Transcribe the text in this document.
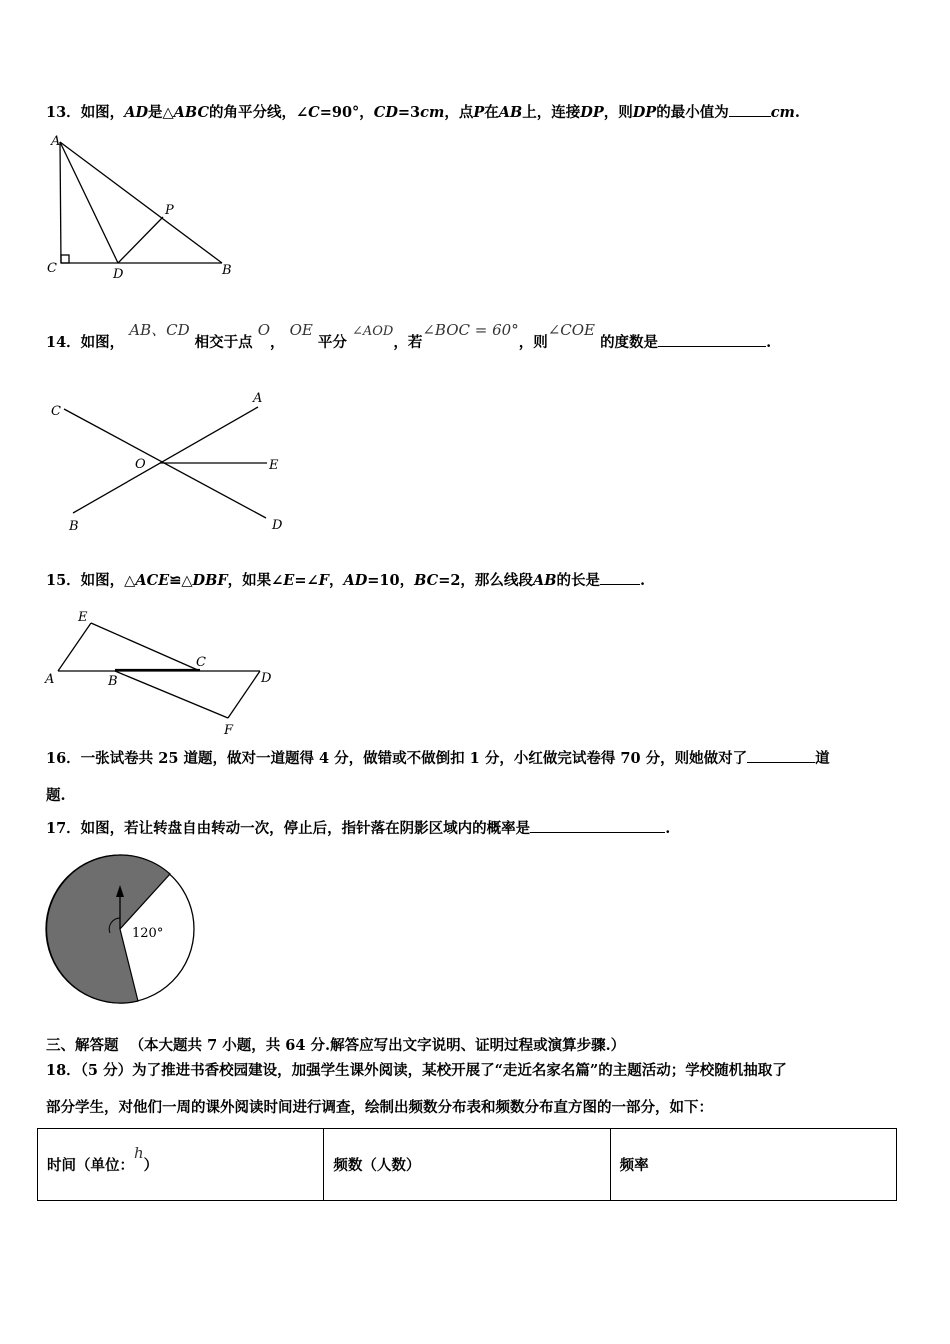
13．如图，AD是△ABC的角平分线，∠C=90°，CD=3cm，点P在AB上，连接DP，则DP的最小值为	cm.
A
C	D	B
P
14．如图， AB、CD 相交于点 O， OE 平分 ∠AOD，若∠BOC = 60°，则∠COE 的度数是	.
C
A
O	E
B	D
15．如图，△ACE≌△DBF，如果∠E=∠F，AD=10，BC=2，那么线段AB的长是	.
E
A	B
C
D
F
16．一张试卷共 25 道题，做对一道题得 4 分，做错或不做倒扣 1 分，小红做完试卷得 70 分，则她做对了	道
题.
17．如图，若让转盘自由转动一次，停止后，指针落在阴影区域内的概率是	.
120°
三、解答题 （本大题共 7 小题，共 64 分.解答应写出文字说明、证明过程或演算步骤.）
18．（5 分）为了推进书香校园建设，加强学生课外阅读，某校开展了“走近名家名篇”的主题活动；学校随机抽取了
部分学生，对他们一周的课外阅读时间进行调查，绘制出频数分布表和频数分布直方图的一部分，如下：
时间（单位：h）	频数（人数）	频率
